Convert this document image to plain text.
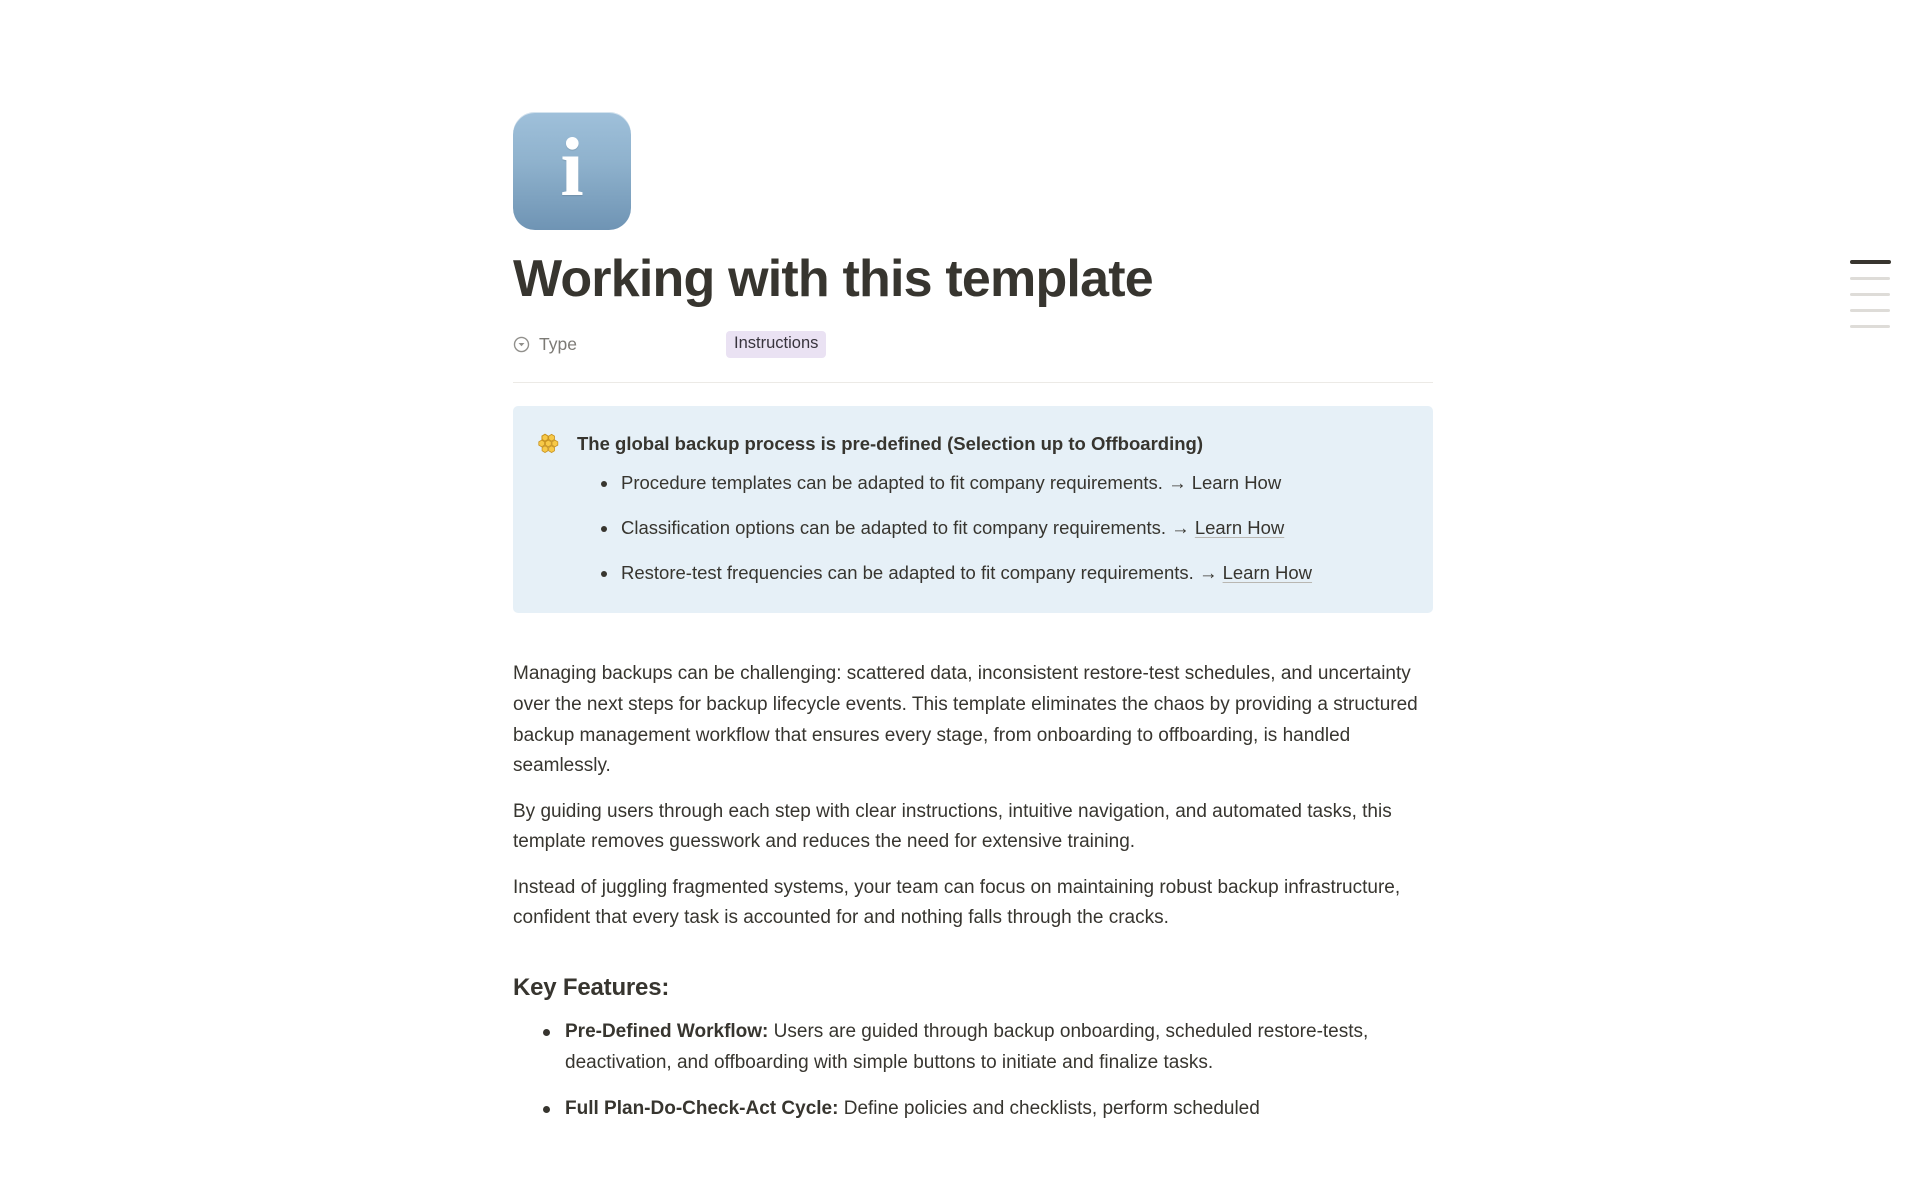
i
Working with this template
Type	Instructions
The global backup process is pre-defined (Selection up to Offboarding)
Procedure templates can be adapted to fit company requirements. → Learn How
Classification options can be adapted to fit company requirements. → Learn How
Restore-test frequencies can be adapted to fit company requirements. → Learn How

Managing backups can be challenging: scattered data, inconsistent restore-test schedules, and uncertainty over the next steps for backup lifecycle events. This template eliminates the chaos by providing a structured backup management workflow that ensures every stage, from onboarding to offboarding, is handled seamlessly.

By guiding users through each step with clear instructions, intuitive navigation, and automated tasks, this template removes guesswork and reduces the need for extensive training.

Instead of juggling fragmented systems, your team can focus on maintaining robust backup infrastructure, confident that every task is accounted for and nothing falls through the cracks.

Key Features:
Pre-Defined Workflow: Users are guided through backup onboarding, scheduled restore-tests, deactivation, and offboarding with simple buttons to initiate and finalize tasks.
Full Plan-Do-Check-Act Cycle: Define policies and checklists, perform scheduled
